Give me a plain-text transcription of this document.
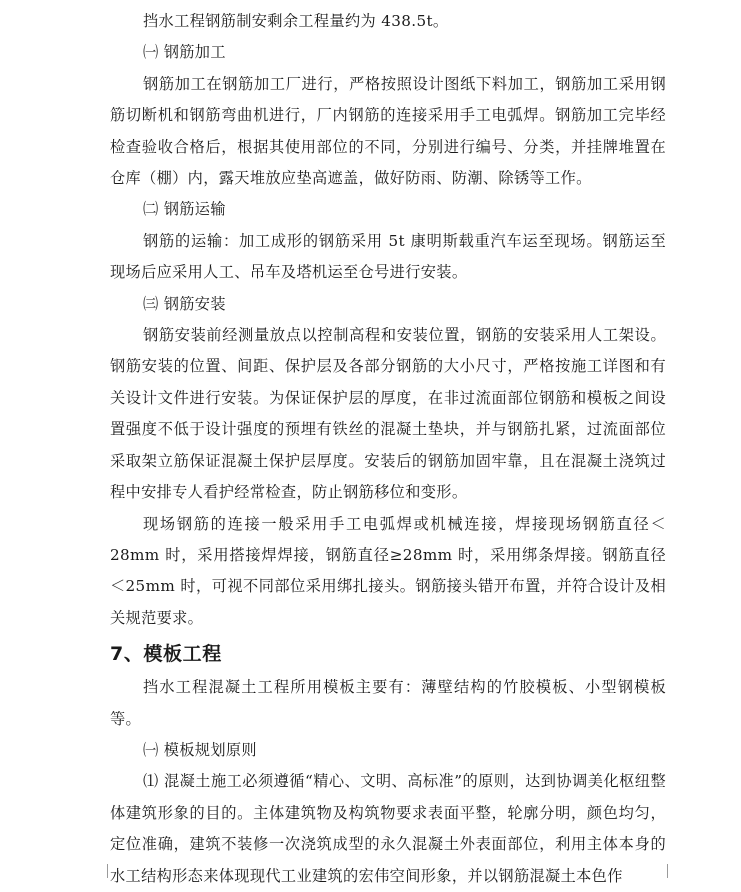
挡水工程钢筋制安剩余工程量约为 438.5t。

㈠ 钢筋加工

钢筋加工在钢筋加工厂进行，严格按照设计图纸下料加工，钢筋加工采用钢筋切断机和钢筋弯曲机进行，厂内钢筋的连接采用手工电弧焊。钢筋加工完毕经检查验收合格后，根据其使用部位的不同，分别进行编号、分类，并挂牌堆置在仓库（棚）内，露天堆放应垫高遮盖，做好防雨、防潮、除锈等工作。

㈡ 钢筋运输

钢筋的运输：加工成形的钢筋采用 5t 康明斯载重汽车运至现场。钢筋运至现场后应采用人工、吊车及塔机运至仓号进行安装。

㈢ 钢筋安装

钢筋安装前经测量放点以控制高程和安装位置，钢筋的安装采用人工架设。钢筋安装的位置、间距、保护层及各部分钢筋的大小尺寸，严格按施工详图和有关设计文件进行安装。为保证保护层的厚度，在非过流面部位钢筋和模板之间设置强度不低于设计强度的预埋有铁丝的混凝土垫块，并与钢筋扎紧，过流面部位采取架立筋保证混凝土保护层厚度。安装后的钢筋加固牢靠，且在混凝土浇筑过程中安排专人看护经常检查，防止钢筋移位和变形。

现场钢筋的连接一般采用手工电弧焊或机械连接，焊接现场钢筋直径＜28mm 时，采用搭接焊焊接，钢筋直径≥28mm 时，采用绑条焊接。钢筋直径＜25mm 时，可视不同部位采用绑扎接头。钢筋接头错开布置，并符合设计及相关规范要求。

7、模板工程

挡水工程混凝土工程所用模板主要有：薄壁结构的竹胶模板、小型钢模板等。

㈠ 模板规划原则

⑴ 混凝土施工必须遵循“精心、文明、高标准”的原则，达到协调美化枢纽整体建筑形象的目的。主体建筑物及构筑物要求表面平整，轮廓分明，颜色均匀，定位准确，建筑不装修一次浇筑成型的永久混凝土外表面部位，利用主体本身的水工结构形态来体现现代工业建筑的宏伟空间形象，并以钢筋混凝土本色作
